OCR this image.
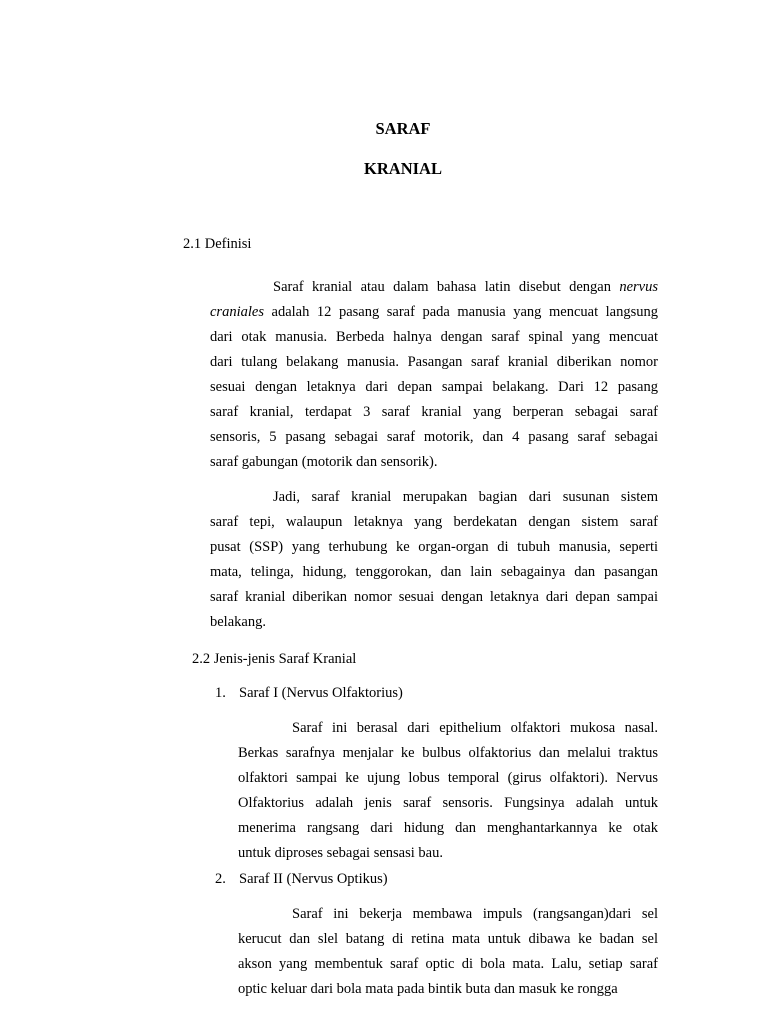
SARAF
KRANIAL
2.1 Definisi
Saraf kranial atau dalam bahasa latin disebut dengan nervus
craniales adalah 12 pasang saraf pada manusia yang mencuat langsung
dari otak manusia. Berbeda halnya dengan saraf spinal yang mencuat
dari tulang belakang manusia. Pasangan saraf kranial diberikan nomor
sesuai dengan letaknya dari depan sampai belakang. Dari 12 pasang
saraf kranial, terdapat 3 saraf kranial yang berperan sebagai saraf
sensoris, 5 pasang sebagai saraf motorik, dan 4 pasang saraf sebagai
saraf gabungan (motorik dan sensorik).
Jadi, saraf kranial merupakan bagian dari susunan sistem
saraf tepi, walaupun letaknya yang berdekatan dengan sistem saraf
pusat (SSP) yang terhubung ke organ-organ di tubuh manusia, seperti
mata, telinga, hidung, tenggorokan, dan lain sebagainya dan pasangan
saraf kranial diberikan nomor sesuai dengan letaknya dari depan sampai
belakang.
2.2 Jenis-jenis Saraf Kranial
1. Saraf I (Nervus Olfaktorius)
Saraf ini berasal dari epithelium olfaktori mukosa nasal.
Berkas sarafnya menjalar ke bulbus olfaktorius dan melalui traktus
olfaktori sampai ke ujung lobus temporal (girus olfaktori). Nervus
Olfaktorius adalah jenis saraf sensoris. Fungsinya adalah untuk
menerima rangsang dari hidung dan menghantarkannya ke otak
untuk diproses sebagai sensasi bau.
2. Saraf II (Nervus Optikus)
Saraf ini bekerja membawa impuls (rangsangan)dari sel
kerucut dan slel batang di retina mata untuk dibawa ke badan sel
akson yang membentuk saraf optic di bola mata. Lalu, setiap saraf
optic keluar dari bola mata pada bintik buta dan masuk ke rongga
